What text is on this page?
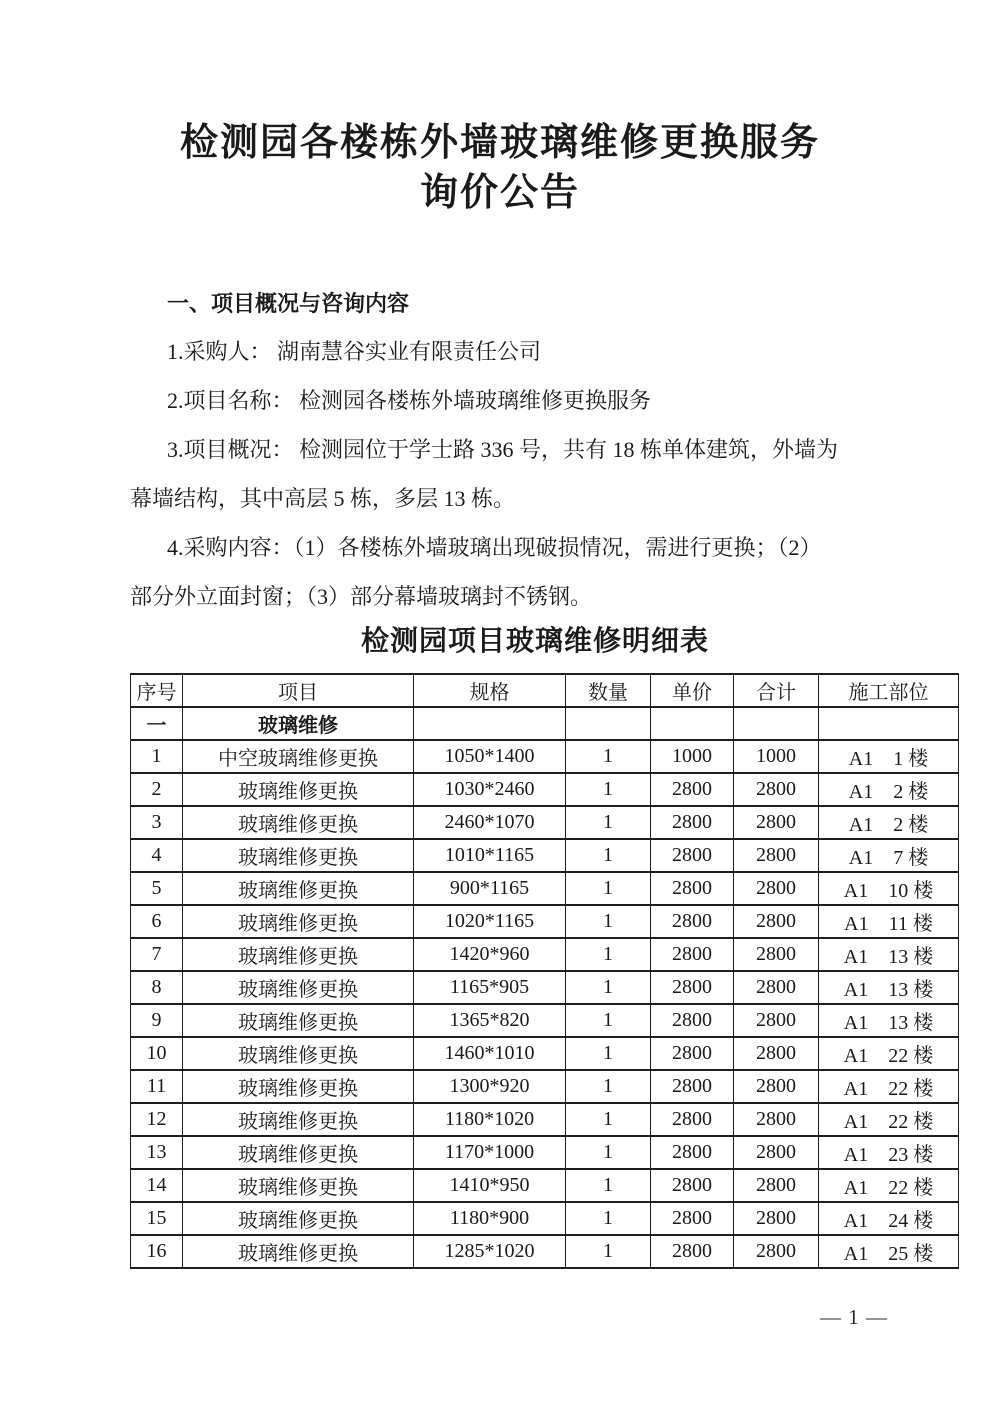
检测园各楼栋外墙玻璃维修更换服务
询价公告
一、项目概况与咨询内容

1.采购人： 湖南慧谷实业有限责任公司

2.项目名称： 检测园各楼栋外墙玻璃维修更换服务

3.项目概况： 检测园位于学士路 336 号，共有 18 栋单体建筑，外墙为

幕墙结构，其中高层 5 栋，多层 13 栋。

4.采购内容：（1）各楼栋外墙玻璃出现破损情况，需进行更换；（2）

部分外立面封窗；（3）部分幕墙玻璃封不锈钢。

检测园项目玻璃维修明细表
序号	项目	规格	数量	单价	合计	施工部位
一	玻璃维修					
1	中空玻璃维修更换	1050*1400	1	1000	1000	A1　1 楼
2	玻璃维修更换	1030*2460	1	2800	2800	A1　2 楼
3	玻璃维修更换	2460*1070	1	2800	2800	A1　2 楼
4	玻璃维修更换	1010*1165	1	2800	2800	A1　7 楼
5	玻璃维修更换	900*1165	1	2800	2800	A1　10 楼
6	玻璃维修更换	1020*1165	1	2800	2800	A1　11 楼
7	玻璃维修更换	1420*960	1	2800	2800	A1　13 楼
8	玻璃维修更换	1165*905	1	2800	2800	A1　13 楼
9	玻璃维修更换	1365*820	1	2800	2800	A1　13 楼
10	玻璃维修更换	1460*1010	1	2800	2800	A1　22 楼
11	玻璃维修更换	1300*920	1	2800	2800	A1　22 楼
12	玻璃维修更换	1180*1020	1	2800	2800	A1　22 楼
13	玻璃维修更换	1170*1000	1	2800	2800	A1　23 楼
14	玻璃维修更换	1410*950	1	2800	2800	A1　22 楼
15	玻璃维修更换	1180*900	1	2800	2800	A1　24 楼
16	玻璃维修更换	1285*1020	1	2800	2800	A1　25 楼
— 1 —
